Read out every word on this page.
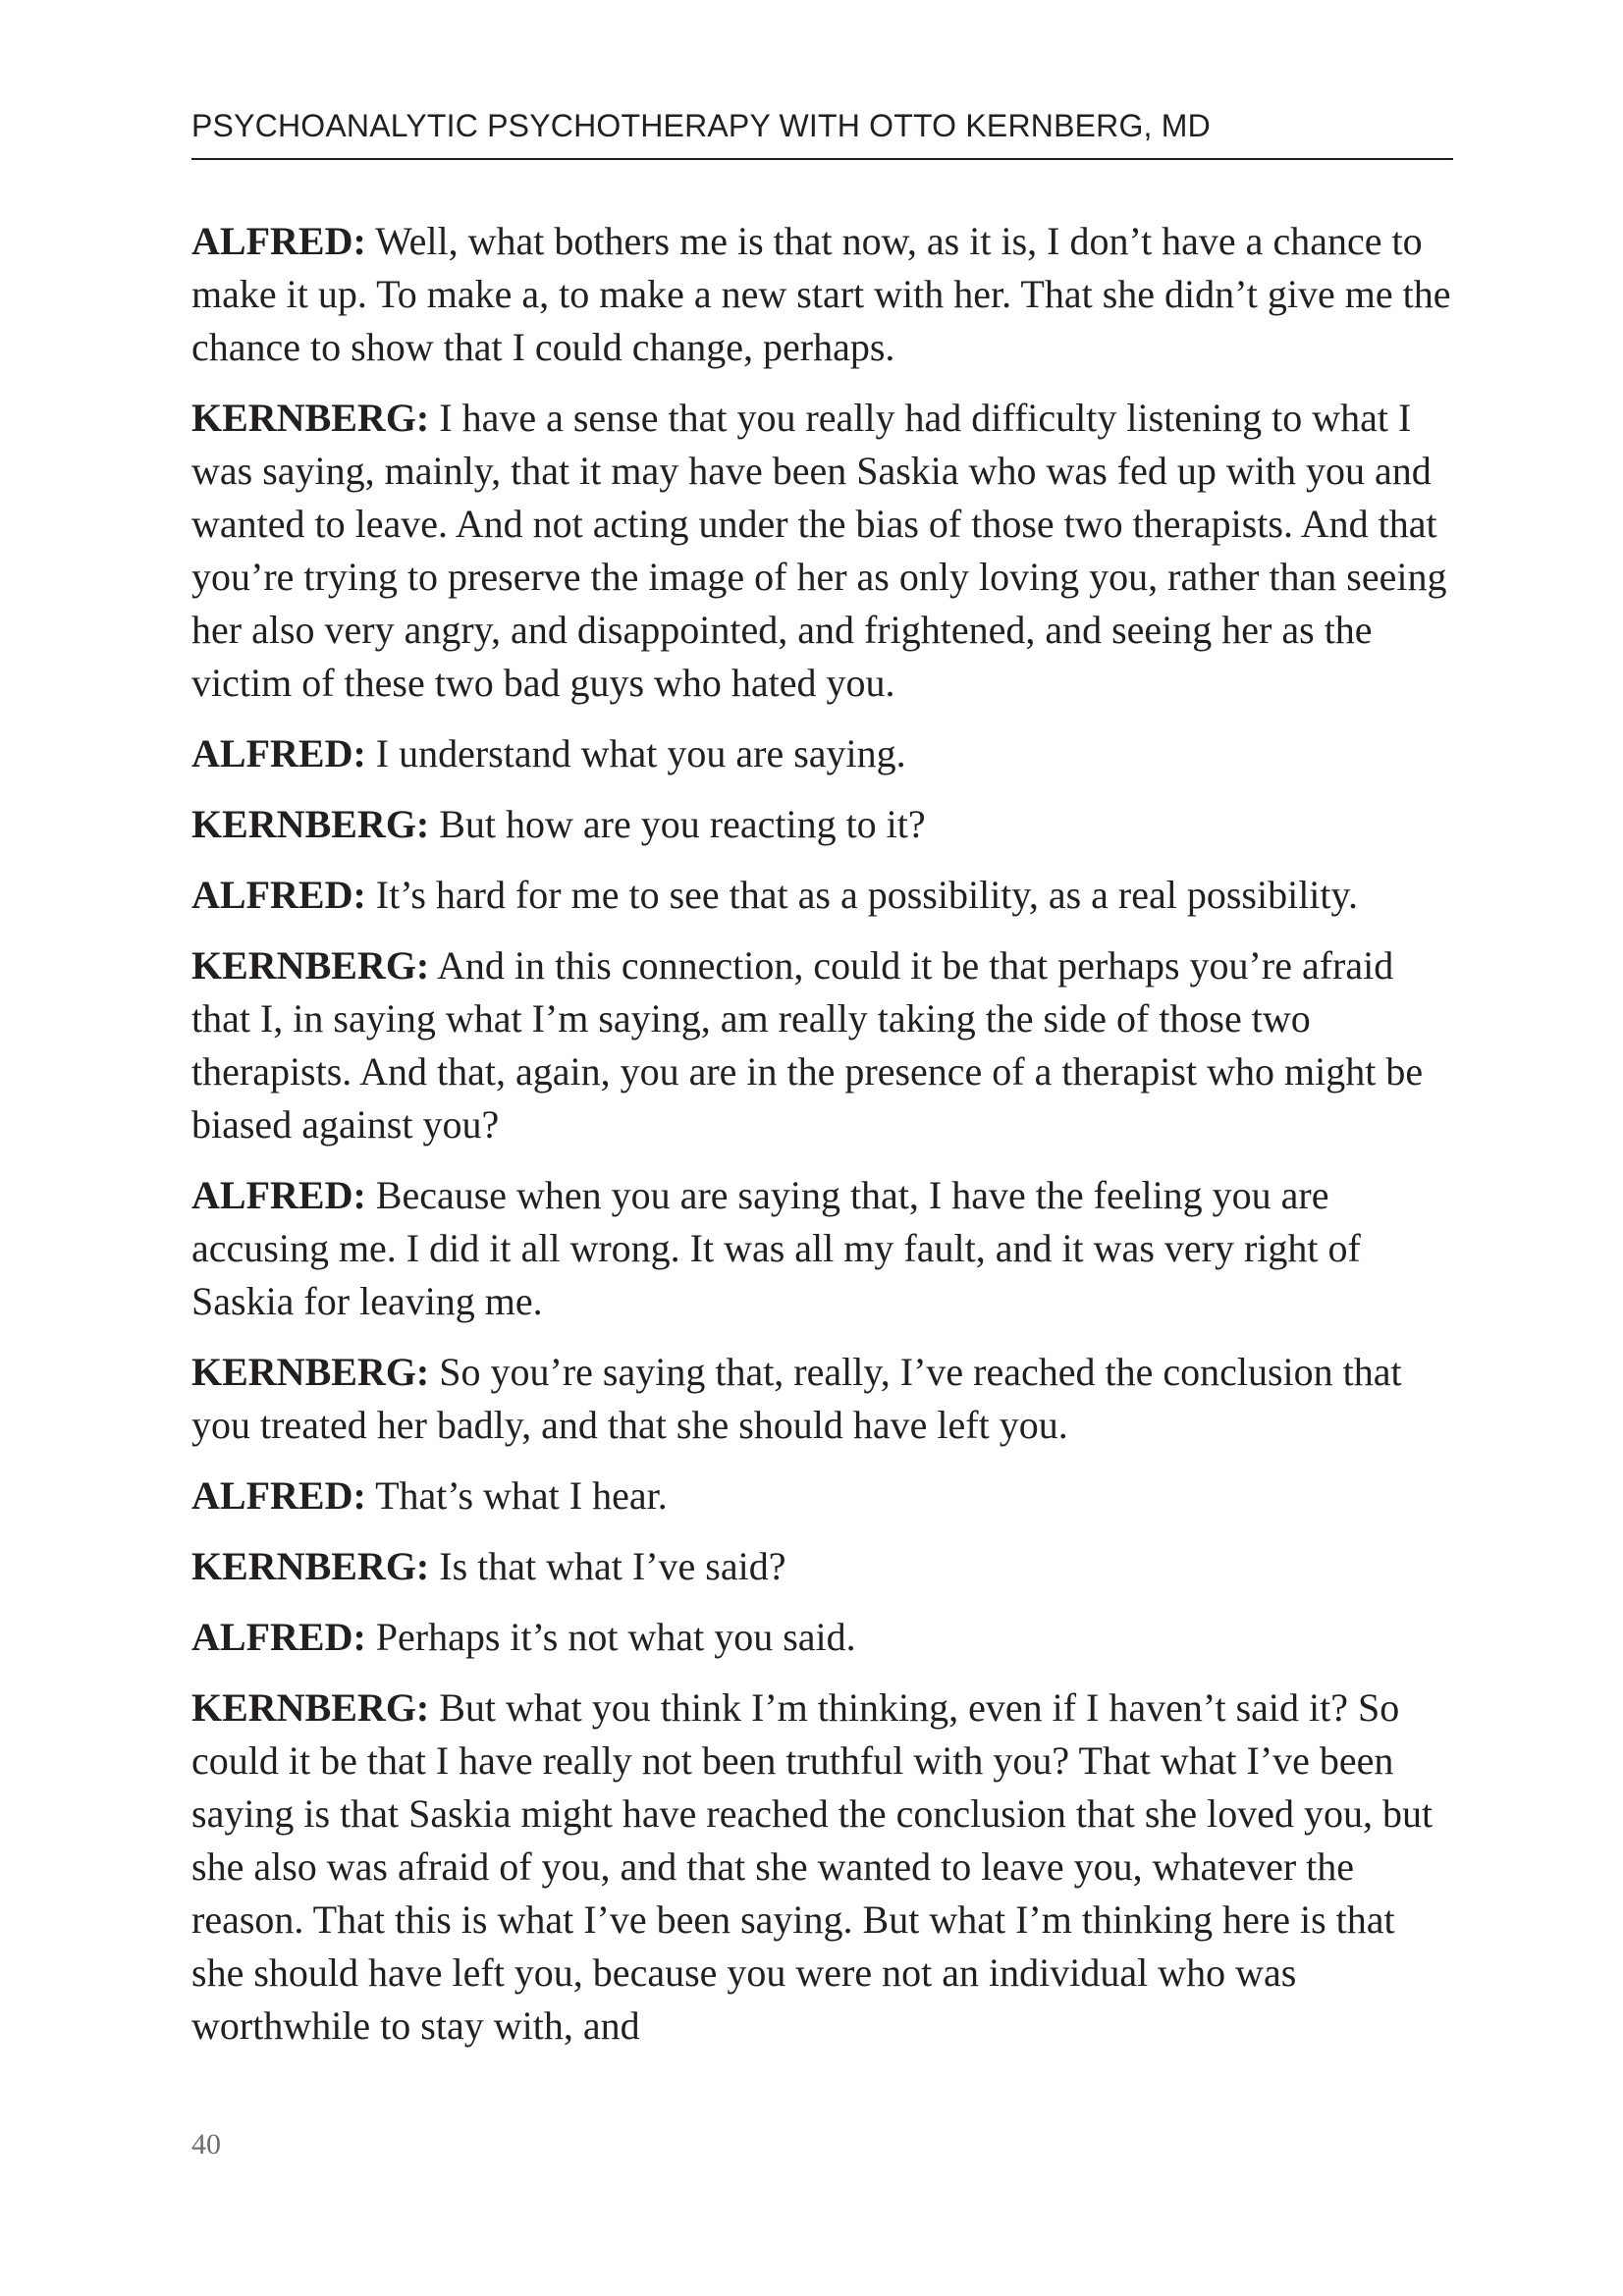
PSYCHOANALYTIC PSYCHOTHERAPY WITH OTTO KERNBERG, MD

ALFRED: Well, what bothers me is that now, as it is, I don’t have a chance to make it up. To make a, to make a new start with her. That she didn’t give me the chance to show that I could change, perhaps.

KERNBERG: I have a sense that you really had difficulty listening to what I was saying, mainly, that it may have been Saskia who was fed up with you and wanted to leave. And not acting under the bias of those two therapists. And that you’re trying to preserve the image of her as only loving you, rather than seeing her also very angry, and disappointed, and frightened, and seeing her as the victim of these two bad guys who hated you.

ALFRED: I understand what you are saying.

KERNBERG: But how are you reacting to it?

ALFRED: It’s hard for me to see that as a possibility, as a real possibility.

KERNBERG: And in this connection, could it be that perhaps you’re afraid that I, in saying what I’m saying, am really taking the side of those two therapists. And that, again, you are in the presence of a therapist who might be biased against you?

ALFRED: Because when you are saying that, I have the feeling you are accusing me. I did it all wrong. It was all my fault, and it was very right of Saskia for leaving me.

KERNBERG: So you’re saying that, really, I’ve reached the conclusion that you treated her badly, and that she should have left you.

ALFRED: That’s what I hear.

KERNBERG: Is that what I’ve said?

ALFRED: Perhaps it’s not what you said.

KERNBERG: But what you think I’m thinking, even if I haven’t said it? So could it be that I have really not been truthful with you? That what I’ve been saying is that Saskia might have reached the conclusion that she loved you, but she also was afraid of you, and that she wanted to leave you, whatever the reason. That this is what I’ve been saying. But what I’m thinking here is that she should have left you, because you were not an individual who was worthwhile to stay with, and

40
